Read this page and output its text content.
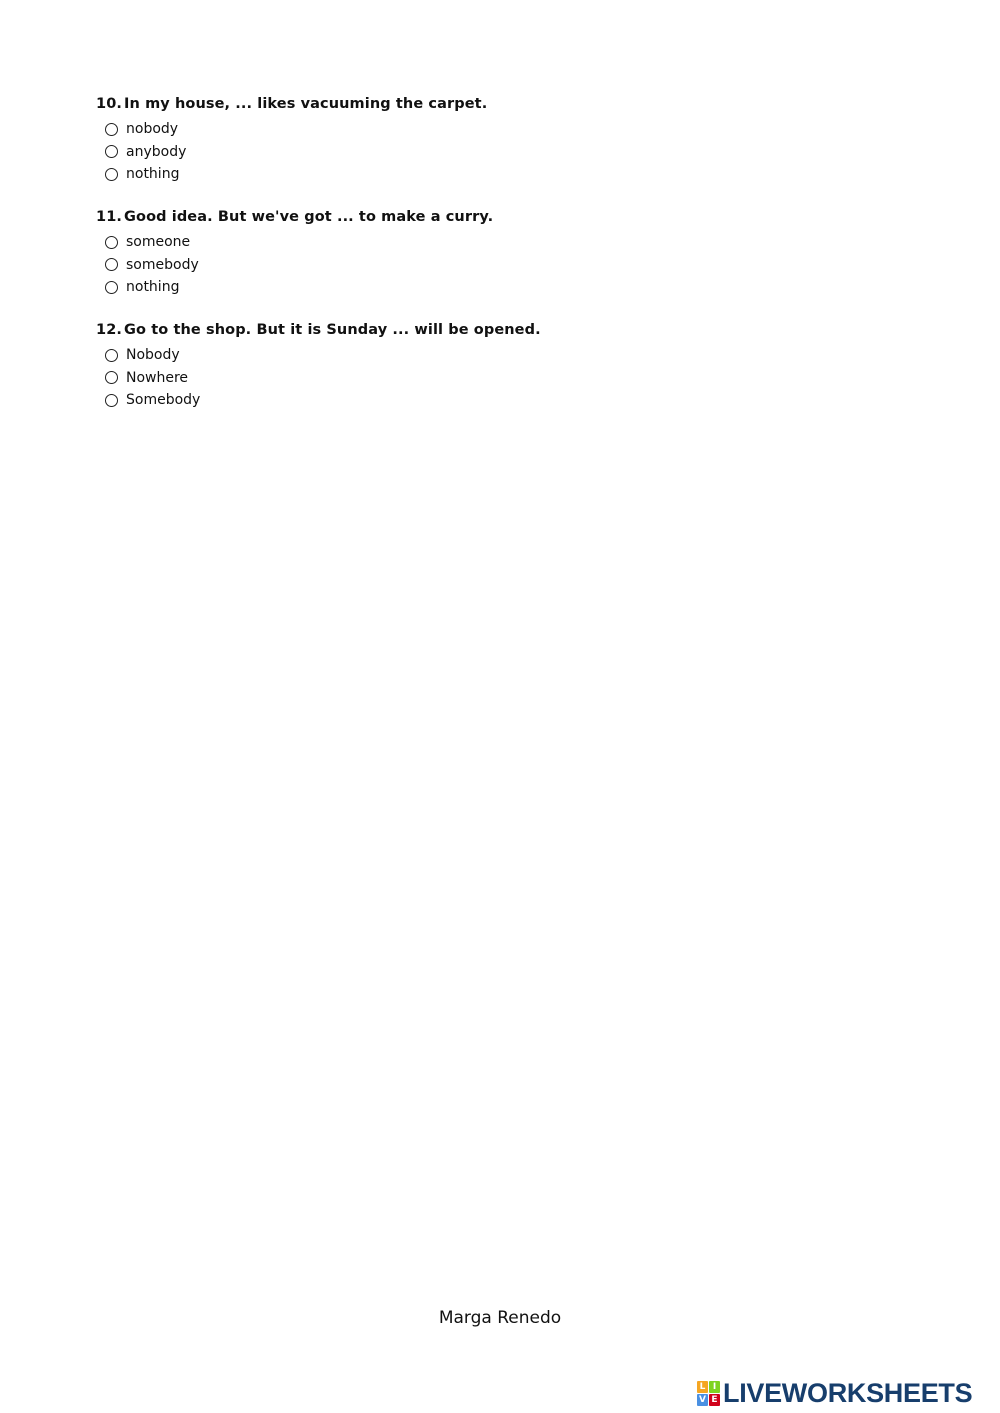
10. In my house, ... likes vacuuming the carpet.
nobody
anybody
nothing
11. Good idea. But we've got ... to make a curry.
someone
somebody
nothing
12. Go to the shop. But it is Sunday ... will be opened.
Nobody
Nowhere
Somebody
Marga Renedo
L I
V E LIVEWORKSHEETS
